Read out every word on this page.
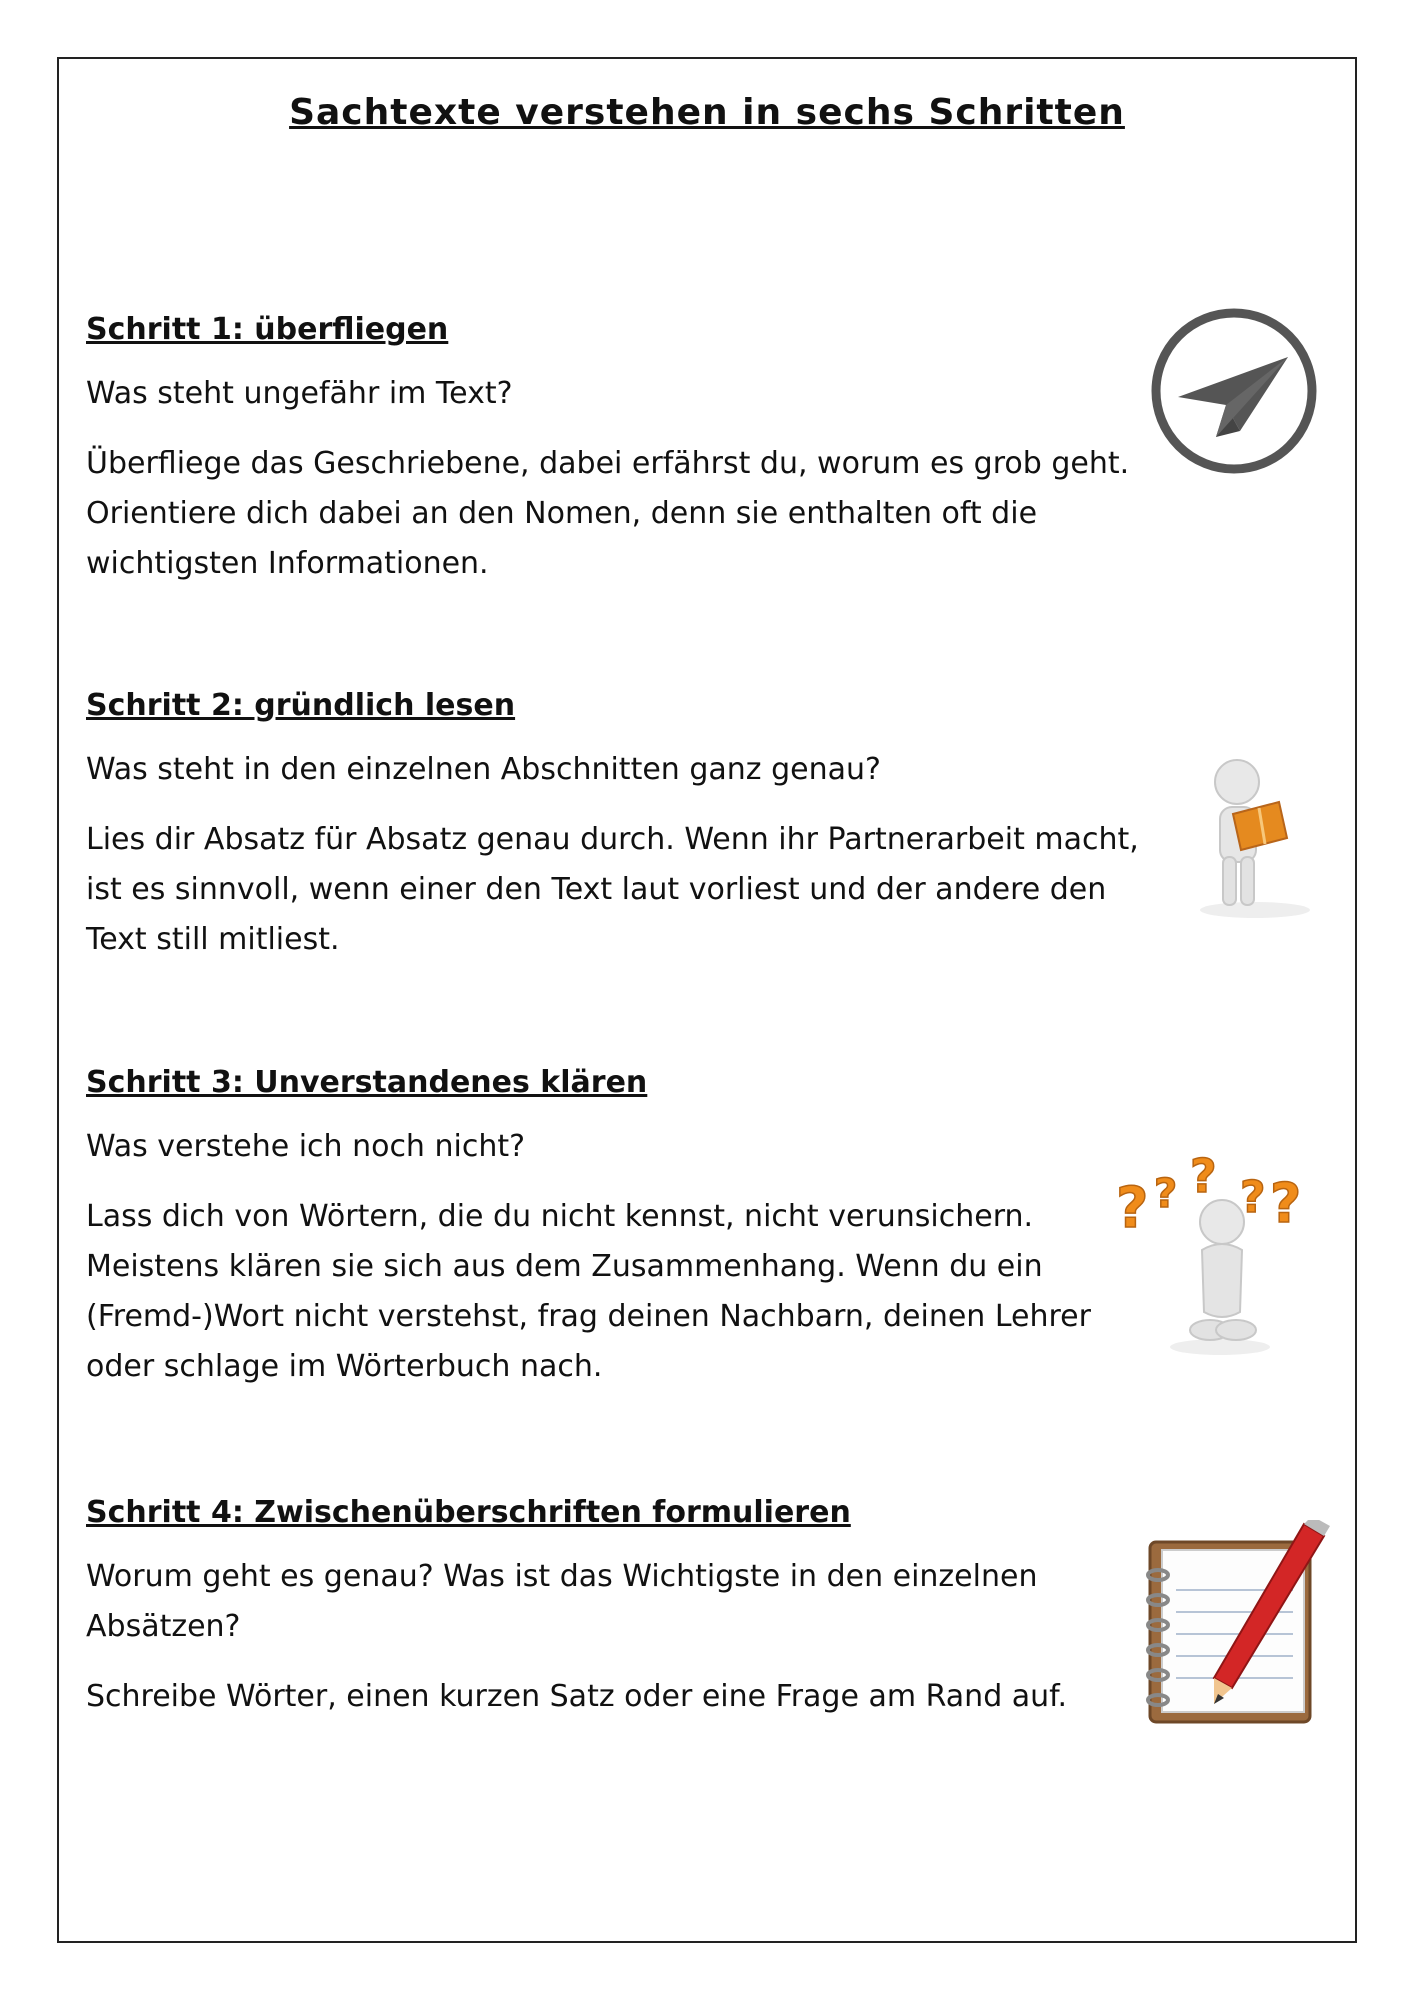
Sachtexte verstehen in sechs Schritten
Schritt 1: überfliegen
Was steht ungefähr im Text?
Überfliege das Geschriebene, dabei erfährst du, worum es grob geht. Orientiere dich dabei an den Nomen, denn sie enthalten oft die wichtigsten Informationen.
Schritt 2: gründlich lesen
Was steht in den einzelnen Abschnitten ganz genau?
Lies dir Absatz für Absatz genau durch. Wenn ihr Partnerarbeit macht, ist es sinnvoll, wenn einer den Text laut vorliest und der andere den Text still mitliest.
Schritt 3: Unverstandenes klären
Was verstehe ich noch nicht?
Lass dich von Wörtern, die du nicht kennst, nicht verunsichern. Meistens klären sie sich aus dem Zusammenhang. Wenn du ein (Fremd-)Wort nicht verstehst, frag deinen Nachbarn, deinen Lehrer oder schlage im Wörterbuch nach.
? ? ? ? ?
Schritt 4: Zwischenüberschriften formulieren
Worum geht es genau? Was ist das Wichtigste in den einzelnen Absätzen?
Schreibe Wörter, einen kurzen Satz oder eine Frage am Rand auf.
